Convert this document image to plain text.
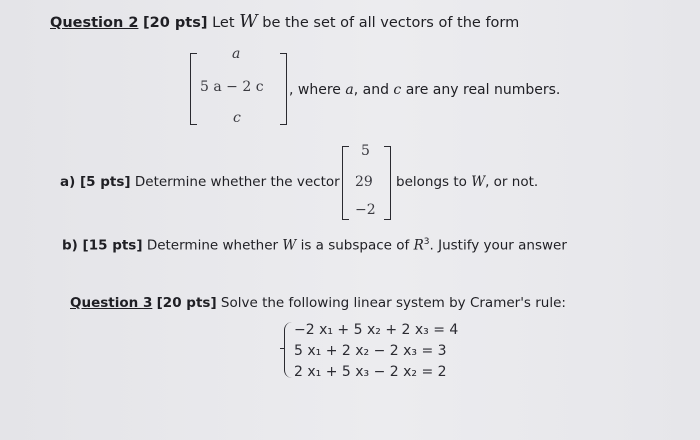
Question 2 [20 pts] Let W be the set of all vectors of the form
a
5 a − 2 c
c
, where a, and c are any real numbers.
a) [5 pts] Determine whether the vector
5
29
−2
belongs to W, or not.
b) [15 pts] Determine whether W is a subspace of $R^3$. Justify your answer
Question 3 [20 pts] Solve the following linear system by Cramer's rule:
−2 x₁ + 5 x₂ + 2 x₃ = 4
5 x₁ + 2 x₂ − 2 x₃ = 3
2 x₁ + 5 x₃ − 2 x₂ = 2
